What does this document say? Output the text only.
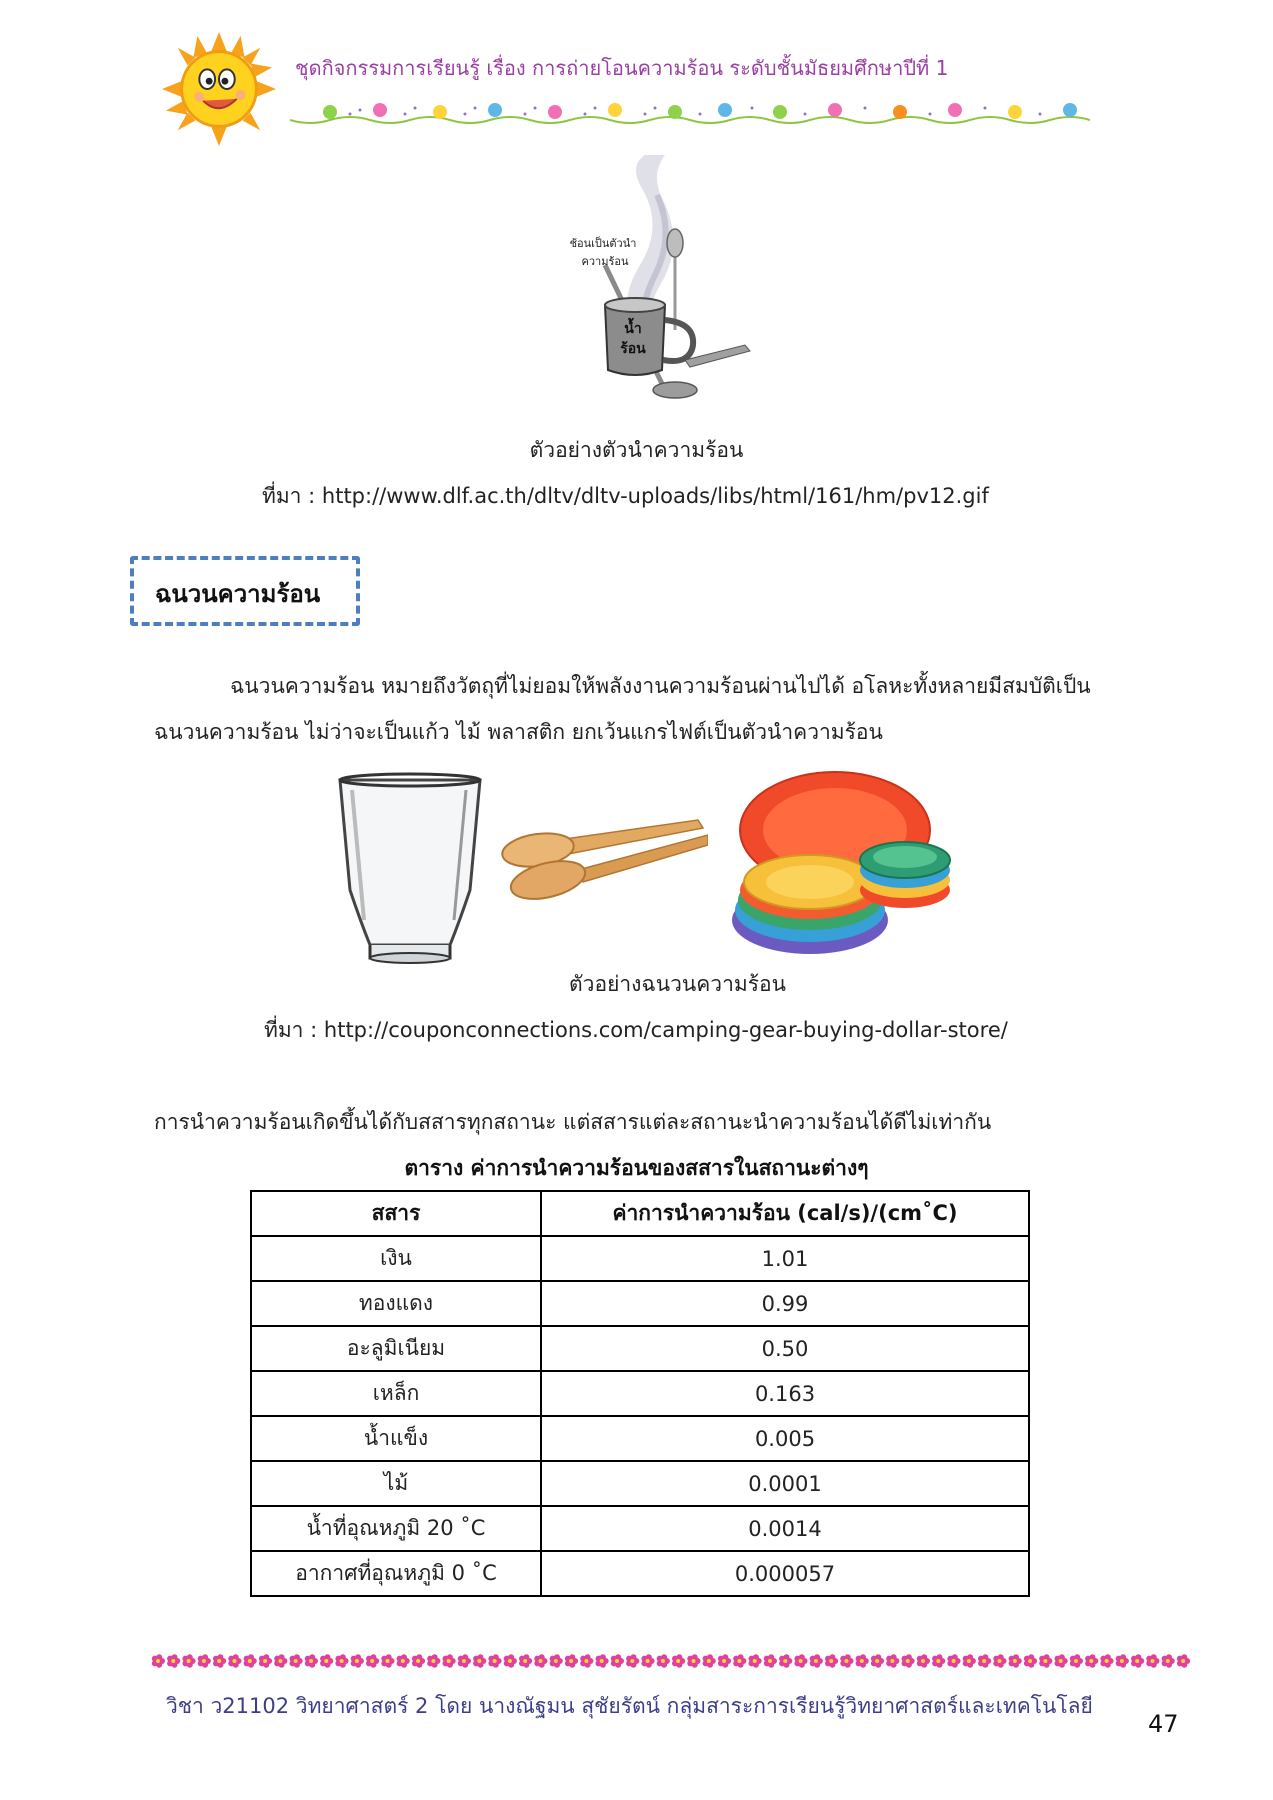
ชุดกิจกรรมการเรียนรู้ เรื่อง การถ่ายโอนความร้อน ระดับชั้นมัธยมศึกษาปีที่ 1
น้ำ
ร้อน
ช้อนเป็นตัวนำ
ความร้อน
ตัวอย่างตัวนำความร้อน
ที่มา : http://www.dlf.ac.th/dltv/dltv-uploads/libs/html/161/hm/pv12.gif
ฉนวนความร้อน
ฉนวนความร้อน หมายถึงวัตถุที่ไม่ยอมให้พลังงานความร้อนผ่านไปได้ อโลหะทั้งหลายมีสมบัติเป็น
ฉนวนความร้อน ไม่ว่าจะเป็นแก้ว ไม้ พลาสติก ยกเว้นแกรไฟต์เป็นตัวนำความร้อน
ตัวอย่างฉนวนความร้อน
ที่มา : http://couponconnections.com/camping-gear-buying-dollar-store/
การนำความร้อนเกิดขึ้นได้กับสสารทุกสถานะ แต่สสารแต่ละสถานะนำความร้อนได้ดีไม่เท่ากัน
ตาราง ค่าการนำความร้อนของสสารในสถานะต่างๆ
สสาร	ค่าการนำความร้อน (cal/s)/(cm˚C)
เงิน	1.01
ทองแดง	0.99
อะลูมิเนียม	0.50
เหล็ก	0.163
น้ำแข็ง	0.005
ไม้	0.0001
น้ำที่อุณหภูมิ 20 ˚C	0.0014
อากาศที่อุณหภูมิ 0 ˚C	0.000057
วิชา ว21102 วิทยาศาสตร์ 2 โดย นางณัฐมน สุชัยรัตน์ กลุ่มสาระการเรียนรู้วิทยาศาสตร์และเทคโนโลยี
47
